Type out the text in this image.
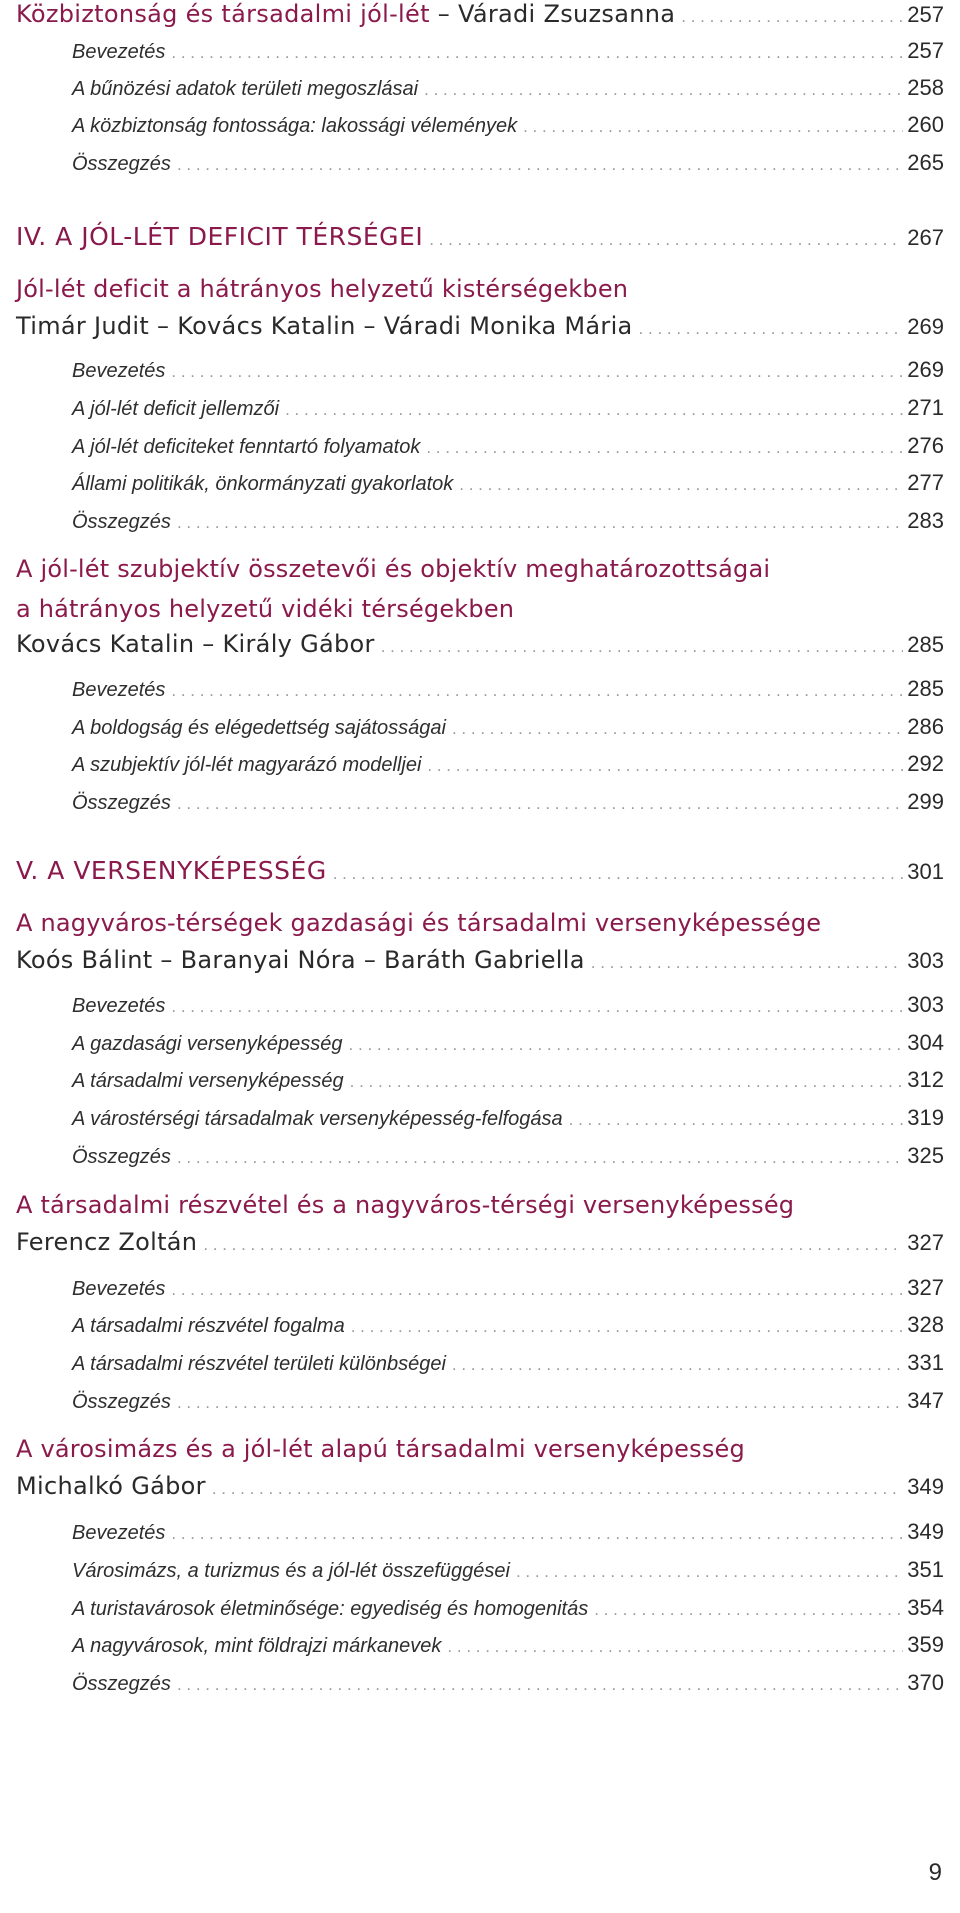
Közbiztonság és társadalmi jól-lét – Váradi Zsuzsanna . . .	257
Bevezetés . . .	257
A bűnözési adatok területi megoszlásai . . .	258
A közbiztonság fontossága: lakossági vélemények . . .	260
Összegzés . . .	265
IV. A JÓL-LÉT DEFICIT TÉRSÉGEI . . .	267
Jól-lét deficit a hátrányos helyzetű kistérségekben
Timár Judit – Kovács Katalin – Váradi Monika Mária . . .	269
Bevezetés . . .	269
A jól-lét deficit jellemzői . . .	271
A jól-lét deficiteket fenntartó folyamatok . . .	276
Állami politikák, önkormányzati gyakorlatok . . .	277
Összegzés . . .	283
A jól-lét szubjektív összetevői és objektív meghatározottságai
a hátrányos helyzetű vidéki térségekben
Kovács Katalin – Király Gábor . . .	285
Bevezetés . . .	285
A boldogság és elégedettség sajátosságai . . .	286
A szubjektív jól-lét magyarázó modelljei . . .	292
Összegzés . . .	299
V. A VERSENYKÉPESSÉG . . .	301
A nagyváros-térségek gazdasági és társadalmi versenyképessége
Koós Bálint – Baranyai Nóra – Baráth Gabriella . . .	303
Bevezetés . . .	303
A gazdasági versenyképesség . . .	304
A társadalmi versenyképesség . . .	312
A várostérségi társadalmak versenyképesség-felfogása . . .	319
Összegzés . . .	325
A társadalmi részvétel és a nagyváros-térségi versenyképesség
Ferencz Zoltán . . .	327
Bevezetés . . .	327
A társadalmi részvétel fogalma . . .	328
A társadalmi részvétel területi különbségei . . .	331
Összegzés . . .	347
A városimázs és a jól-lét alapú társadalmi versenyképesség
Michalkó Gábor . . .	349
Bevezetés . . .	349
Városimázs, a turizmus és a jól-lét összefüggései . . .	351
A turistavárosok életminősége: egyediség és homogenitás . . .	354
A nagyvárosok, mint földrajzi márkanevek . . .	359
Összegzés . . .	370
9
